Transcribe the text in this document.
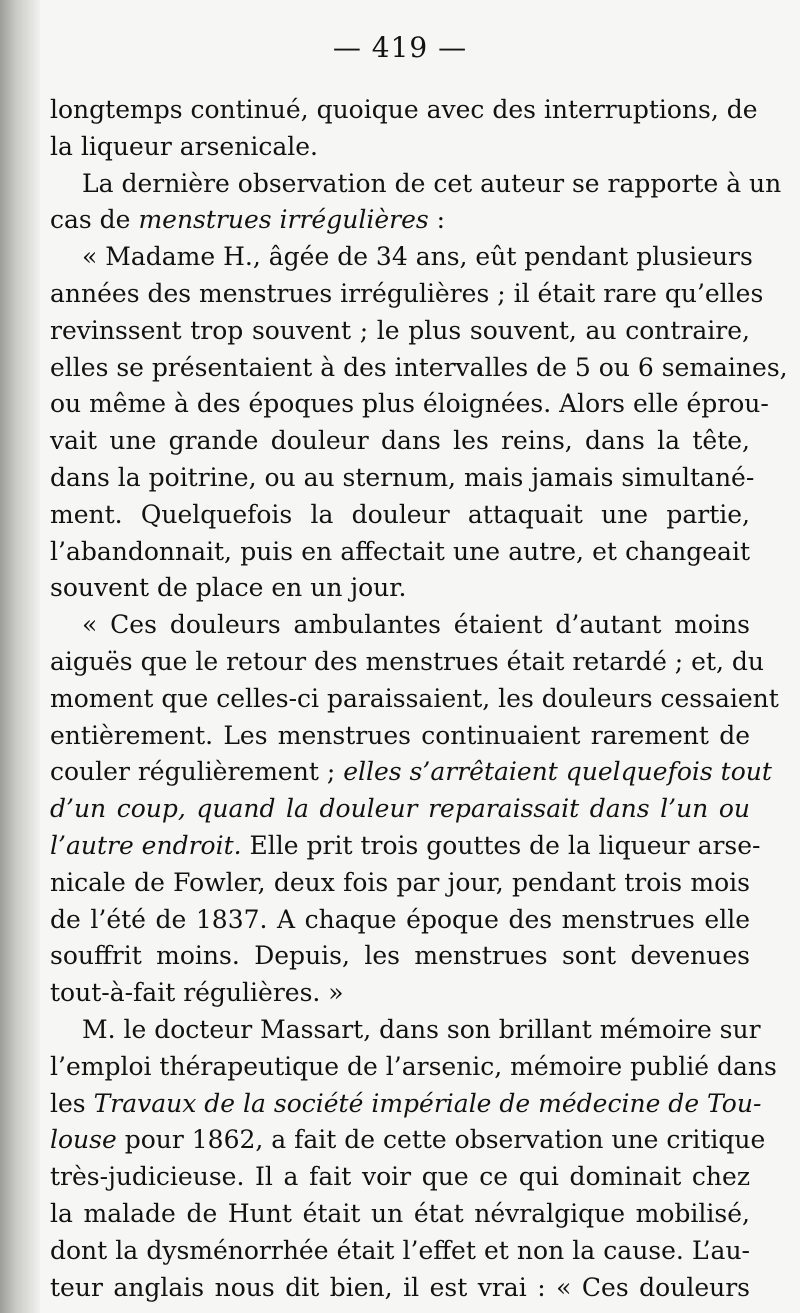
— 419 —
longtemps continué, quoique avec des interruptions, de
la liqueur arsenicale.
La dernière observation de cet auteur se rapporte à un
cas de menstrues irrégulières :
« Madame H., âgée de 34 ans, eût pendant plusieurs
années des menstrues irrégulières ; il était rare qu’elles
revinssent trop souvent ; le plus souvent, au contraire,
elles se présentaient à des intervalles de 5 ou 6 semaines,
ou même à des époques plus éloignées. Alors elle éprou-
vait une grande douleur dans les reins, dans la tête,
dans la poitrine, ou au sternum, mais jamais simultané-
ment. Quelquefois la douleur attaquait une partie,
l’abandonnait, puis en affectait une autre, et changeait
souvent de place en un jour.
« Ces douleurs ambulantes étaient d’autant moins
aiguës que le retour des menstrues était retardé ; et, du
moment que celles-ci paraissaient, les douleurs cessaient
entièrement. Les menstrues continuaient rarement de
couler régulièrement ; elles s’arrêtaient quelquefois tout
d’un coup, quand la douleur reparaissait dans l’un ou
l’autre endroit. Elle prit trois gouttes de la liqueur arse-
nicale de Fowler, deux fois par jour, pendant trois mois
de l’été de 1837. A chaque époque des menstrues elle
souffrit moins. Depuis, les menstrues sont devenues
tout-à-fait régulières. »
M. le docteur Massart, dans son brillant mémoire sur
l’emploi thérapeutique de l’arsenic, mémoire publié dans
les Travaux de la société impériale de médecine de Tou-
louse pour 1862, a fait de cette observation une critique
très-judicieuse. Il a fait voir que ce qui dominait chez
la malade de Hunt était un état névralgique mobilisé,
dont la dysménorrhée était l’effet et non la cause. L’au-
teur anglais nous dit bien, il est vrai : « Ces douleurs
